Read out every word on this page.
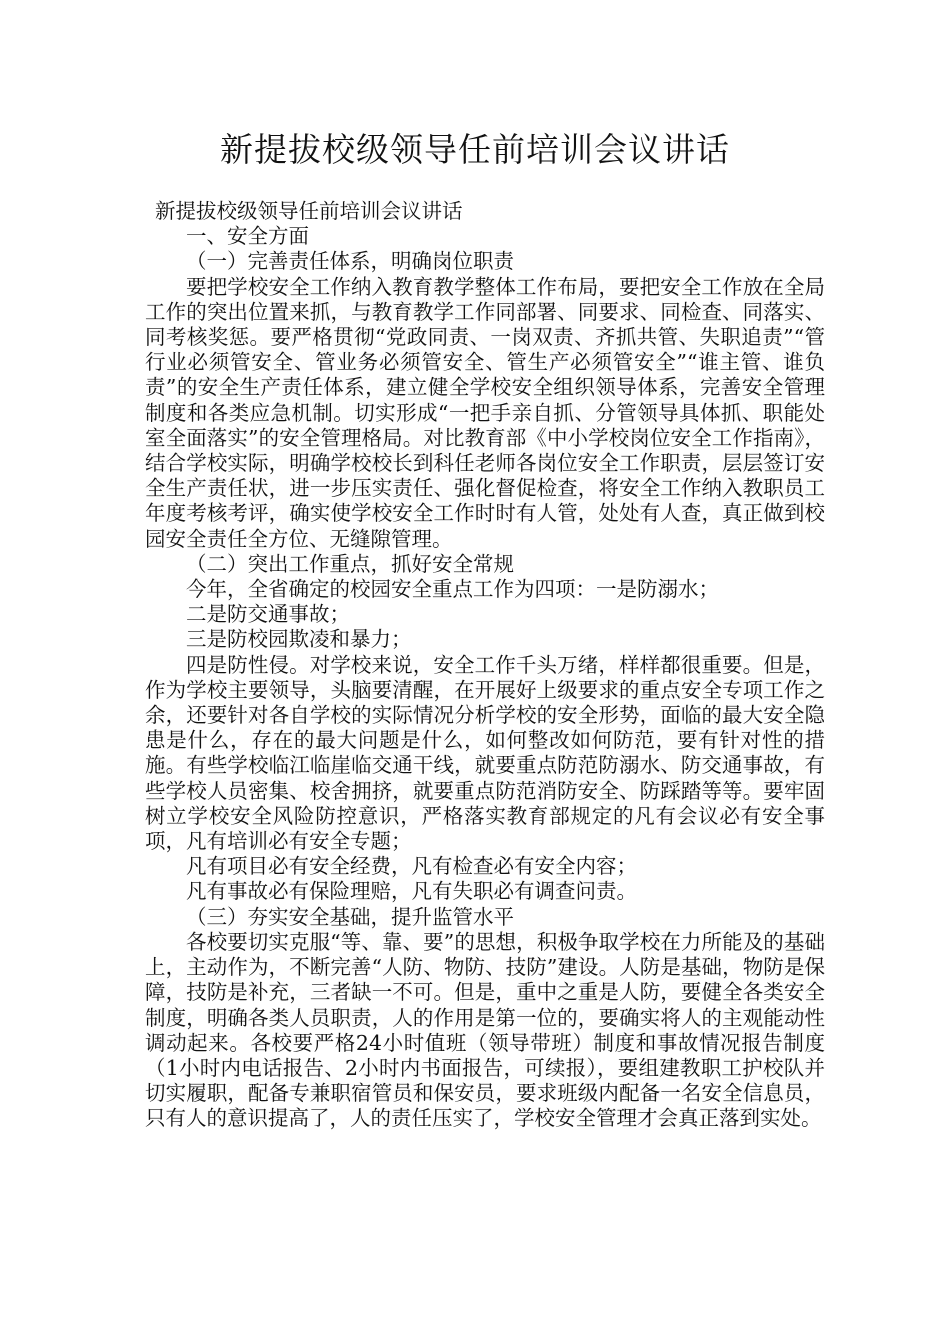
新提拔校级领导任前培训会议讲话

新提拔校级领导任前培训会议讲话

一、安全方面

（一）完善责任体系，明确岗位职责

要把学校安全工作纳入教育教学整体工作布局，要把安全工作放在全局工作的突出位置来抓，与教育教学工作同部署、同要求、同检查、同落实、同考核奖惩。要严格贯彻“党政同责、一岗双责、齐抓共管、失职追责”“管行业必须管安全、管业务必须管安全、管生产必须管安全”“谁主管、谁负责”的安全生产责任体系，建立健全学校安全组织领导体系，完善安全管理制度和各类应急机制。切实形成“一把手亲自抓、分管领导具体抓、职能处室全面落实”的安全管理格局。对比教育部《中小学校岗位安全工作指南》，结合学校实际，明确学校校长到科任老师各岗位安全工作职责，层层签订安全生产责任状，进一步压实责任、强化督促检查，将安全工作纳入教职员工年度考核考评，确实使学校安全工作时时有人管，处处有人查，真正做到校园安全责任全方位、无缝隙管理。

（二）突出工作重点，抓好安全常规

今年，全省确定的校园安全重点工作为四项：一是防溺水；

二是防交通事故；

三是防校园欺凌和暴力；

四是防性侵。对学校来说，安全工作千头万绪，样样都很重要。但是，作为学校主要领导，头脑要清醒，在开展好上级要求的重点安全专项工作之余，还要针对各自学校的实际情况分析学校的安全形势，面临的最大安全隐患是什么，存在的最大问题是什么，如何整改如何防范，要有针对性的措施。有些学校临江临崖临交通干线，就要重点防范防溺水、防交通事故，有些学校人员密集、校舍拥挤，就要重点防范消防安全、防踩踏等等。要牢固树立学校安全风险防控意识，严格落实教育部规定的凡有会议必有安全事项，凡有培训必有安全专题；

凡有项目必有安全经费，凡有检查必有安全内容；

凡有事故必有保险理赔，凡有失职必有调查问责。

（三）夯实安全基础，提升监管水平

各校要切实克服“等、靠、要”的思想，积极争取学校在力所能及的基础上，主动作为，不断完善“人防、物防、技防”建设。人防是基础，物防是保障，技防是补充，三者缺一不可。但是，重中之重是人防，要健全各类安全制度，明确各类人员职责，人的作用是第一位的，要确实将人的主观能动性调动起来。各校要严格24小时值班（领导带班）制度和事故情况报告制度（1小时内电话报告、2小时内书面报告，可续报），要组建教职工护校队并切实履职，配备专兼职宿管员和保安员，要求班级内配备一名安全信息员，只有人的意识提高了，人的责任压实了，学校安全管理才会真正落到实处。
